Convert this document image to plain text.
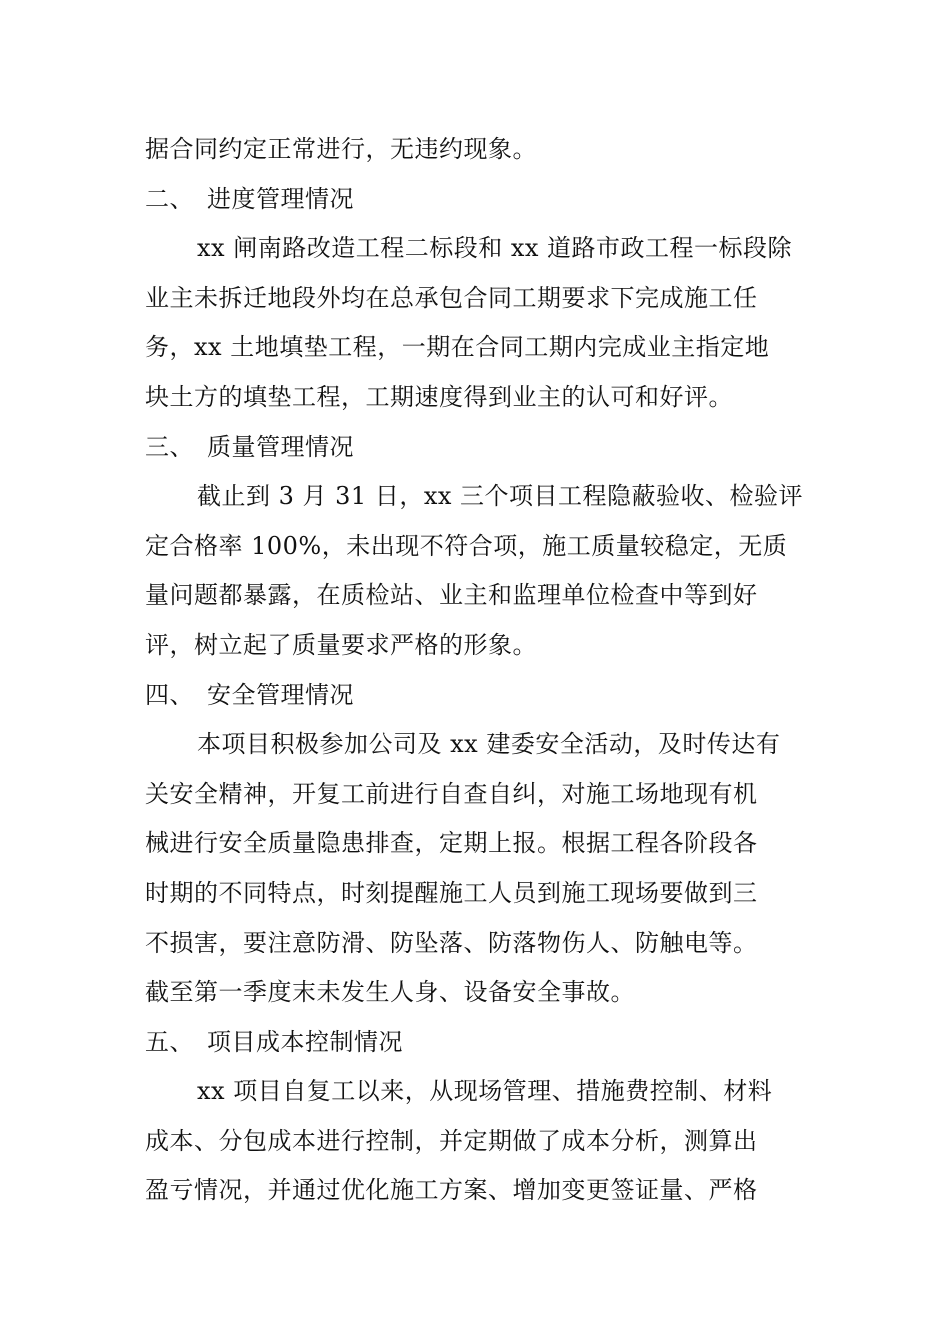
据合同约定正常进行，无违约现象。

二、 进度管理情况

xx 闸南路改造工程二标段和 xx 道路市政工程一标段除
业主未拆迁地段外均在总承包合同工期要求下完成施工任
务，xx 土地填垫工程，一期在合同工期内完成业主指定地
块土方的填垫工程，工期速度得到业主的认可和好评。

三、 质量管理情况

截止到 3 月 31 日，xx 三个项目工程隐蔽验收、检验评
定合格率 100%，未出现不符合项，施工质量较稳定，无质
量问题都暴露，在质检站、业主和监理单位检查中等到好
评，树立起了质量要求严格的形象。

四、 安全管理情况

本项目积极参加公司及 xx 建委安全活动，及时传达有
关安全精神，开复工前进行自查自纠，对施工场地现有机
械进行安全质量隐患排查，定期上报。根据工程各阶段各
时期的不同特点，时刻提醒施工人员到施工现场要做到三
不损害，要注意防滑、防坠落、防落物伤人、防触电等。
截至第一季度末未发生人身、设备安全事故。

五、 项目成本控制情况

xx 项目自复工以来，从现场管理、措施费控制、材料
成本、分包成本进行控制，并定期做了成本分析，测算出
盈亏情况，并通过优化施工方案、增加变更签证量、严格
